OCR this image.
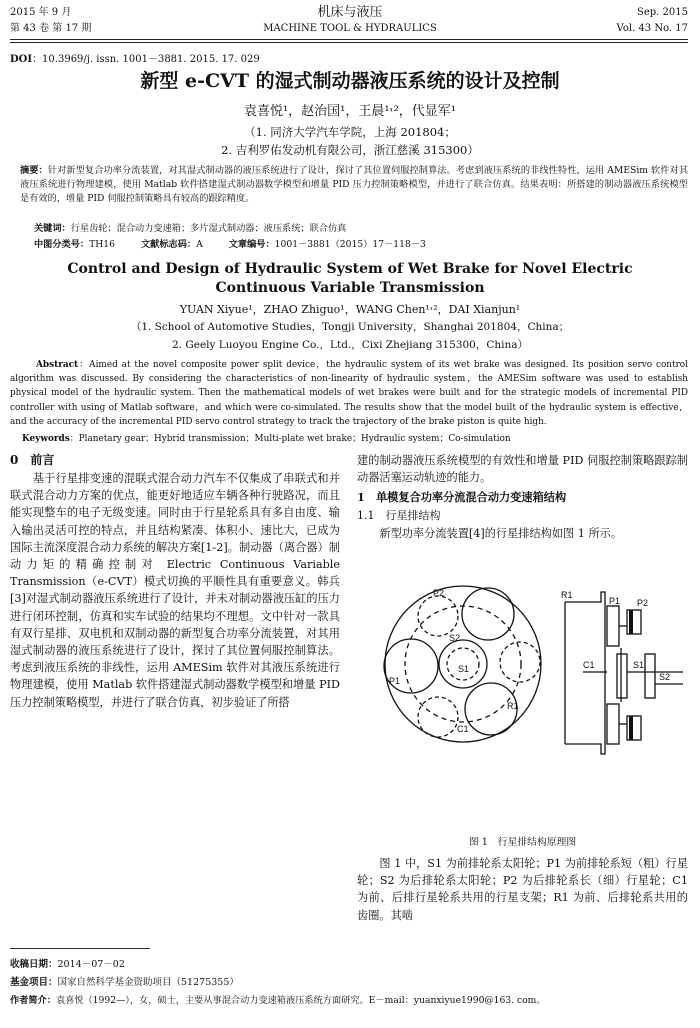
2015 年 9 月
第 43 卷 第 17 期
机床与液压
MACHINE TOOL & HYDRAULICS
Sep. 2015
Vol. 43 No. 17
DOI：10.3969/j. issn. 1001－3881. 2015. 17. 029
新型 e-CVT 的湿式制动器液压系统的设计及控制
袁喜悦¹，赵治国¹，王晨¹˒²，代显军¹
（1. 同济大学汽车学院，上海 201804；
2. 吉利罗佑发动机有限公司，浙江慈溪 315300）
摘要：针对新型复合功率分流装置，对其湿式制动器的液压系统进行了设计，探讨了其位置伺服控制算法。考虑到液压系统的非线性特性，运用 AMESim 软件对其液压系统进行物理建模，使用 Matlab 软件搭建湿式制动器数学模型和增量 PID 压力控制策略模型，并进行了联合仿真。结果表明：所搭建的制动器液压系统模型是有效的，增量 PID 伺服控制策略具有较高的跟踪精度。
关键词：行星齿轮；混合动力变速箱；多片湿式制动器；液压系统；联合仿真
中图分类号：TH16	文献标志码：A	文章编号：1001－3881（2015）17－118－3
Control and Design of Hydraulic System of Wet Brake for Novel Electric
Continuous Variable Transmission
YUAN Xiyue¹，ZHAO Zhiguo¹，WANG Chen¹˒²，DAI Xianjun¹
（1. School of Automotive Studies，Tongji University，Shanghai 201804，China；
2. Geely Luoyou Engine Co.，Ltd.，Cixi Zhejiang 315300，China）
Abstract：Aimed at the novel composite power split device，the hydraulic system of its wet brake was designed. Its position servo control algorithm was discussed. By considering the characteristics of non-linearity of hydraulic system，the AMESim software was used to establish physical model of the hydraulic system. Then the mathematical models of wet brakes were built and for the strategic models of incremental PID controller with using of Matlab software，and which were co-simulated. The results show that the model built of the hydraulic system is effective，and the accuracy of the incremental PID servo control strategy to track the trajectory of the brake piston is quite high.
Keywords：Planetary gear；Hybrid transmission；Multi-plate wet brake；Hydraulic system；Co-simulation
0　前言
　　基于行星排变速的混联式混合动力汽车不仅集成了串联式和并联式混合动力方案的优点，能更好地适应车辆各种行驶路况，而且能实现整车的电子无级变速。同时由于行星轮系具有多自由度、输入输出灵活可控的特点，并且结构紧凑、体积小、速比大，已成为国际主流深度混合动力系统的解决方案[1-2]。制动器（离合器）制动力矩的精确控制对 Electric Continuous Variable Transmission（e-CVT）模式切换的平顺性具有重要意义。韩兵[3]对湿式制动器液压系统进行了设计，并未对制动器液压缸的压力进行闭环控制，仿真和实车试验的结果均不理想。文中针对一款具有双行星排、双电机和双制动器的新型复合功率分流装置，对其用湿式制动器的液压系统进行了设计，探讨了其位置伺服控制算法。考虑到液压系统的非线性，运用 AMESim 软件对其液压系统进行物理建模，使用 Matlab 软件搭建湿式制动器数学模型和增量 PID 压力控制策略模型，并进行了联合仿真，初步验证了所搭
建的制动器液压系统模型的有效性和增量 PID 伺服控制策略跟踪制动器活塞运动轨迹的能力。
1　单模复合功率分流混合动力变速箱结构
1.1　行星排结构
　　新型功率分流装置[4]的行星排结构如图 1 所示。
P2
S2
P1
S1
R1
C1
R1
P1 P2
C1	S1
S2
图 1　行星排结构原理图
　　图 1 中，S1 为前排轮系太阳轮；P1 为前排轮系短（粗）行星轮；S2 为后排轮系太阳轮；P2 为后排轮系长（细）行星轮；C1 为前、后排行星轮系共用的行星支架；R1 为前、后排轮系共用的齿圈。其啮
收稿日期：2014－07－02
基金项目：国家自然科学基金资助项目（51275355）
作者简介：袁喜悦（1992—），女，硕士，主要从事混合动力变速箱液压系统方面研究。E－mail：yuanxiyue1990@163. com。
